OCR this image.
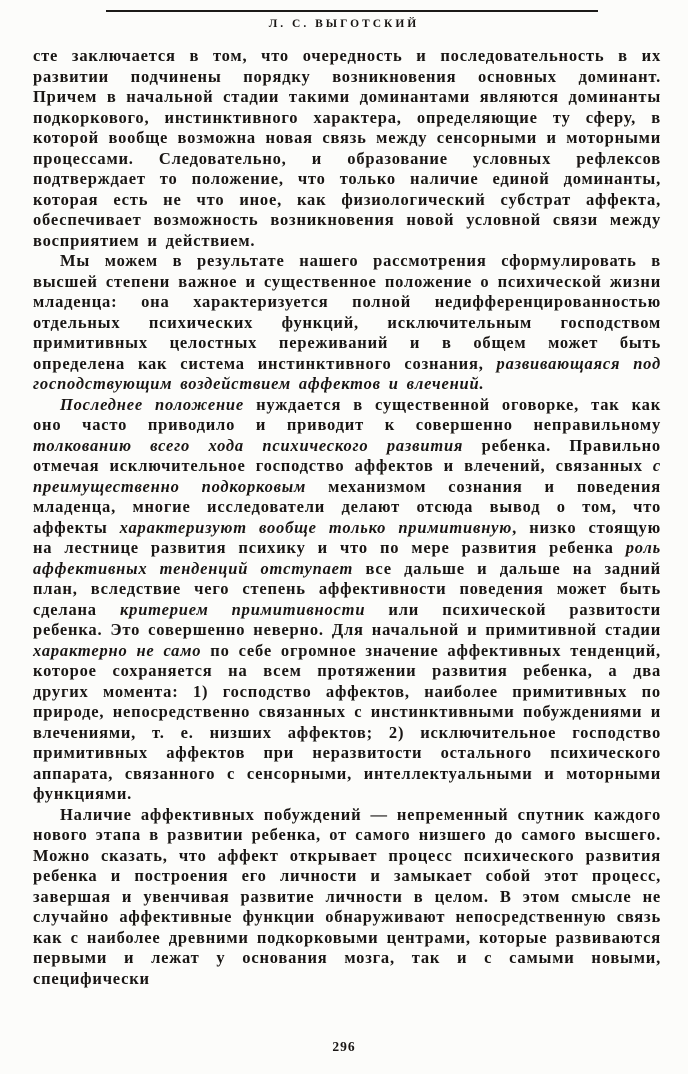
Л. С. ВЫГОТСКИЙ

сте заключается в том, что очередность и последовательность в их развитии подчинены порядку возникновения основных доминант. Причем в начальной стадии такими доминантами являются доминанты подкоркового, инстинктивного характера, определяющие ту сферу, в которой вообще возможна новая связь между сенсорными и моторными процессами. Следовательно, и образование условных рефлексов подтверждает то положение, что только наличие единой доминанты, которая есть не что иное, как физиологический субстрат аффекта, обеспечивает возможность возникновения новой условной связи между восприятием и действием.

Мы можем в результате нашего рассмотрения сформулировать в высшей степени важное и существенное положение о психической жизни младенца: она характеризуется полной недифференцированностью отдельных психических функций, исключительным господством примитивных целостных переживаний и в общем может быть определена как система инстинктивного сознания, развивающаяся под господствующим воздействием аффектов и влечений.

Последнее положение нуждается в существенной оговорке, так как оно часто приводило и приводит к совершенно неправильному толкованию всего хода психического развития ребенка. Правильно отмечая исключительное господство аффектов и влечений, связанных с преимущественно подкорковым механизмом сознания и поведения младенца, многие исследователи делают отсюда вывод о том, что аффекты характеризуют вообще только примитивную, низко стоящую на лестнице развития психику и что по мере развития ребенка роль аффективных тенденций отступает все дальше и дальше на задний план, вследствие чего степень аффективности поведения может быть сделана критерием примитивности или психической развитости ребенка. Это совершенно неверно. Для начальной и примитивной стадии характерно не само по себе огромное значение аффективных тенденций, которое сохраняется на всем протяжении развития ребенка, а два других момента: 1) господство аффектов, наиболее примитивных по природе, непосредственно связанных с инстинктивными побуждениями и влечениями, т. е. низших аффектов; 2) исключительное господство примитивных аффектов при неразвитости остального психического аппарата, связанного с сенсорными, интеллектуальными и моторными функциями.

Наличие аффективных побуждений — непременный спутник каждого нового этапа в развитии ребенка, от самого низшего до самого высшего. Можно сказать, что аффект открывает процесс психического развития ребенка и построения его личности и замыкает собой этот процесс, завершая и увенчивая развитие личности в целом. В этом смысле не случайно аффективные функции обнаруживают непосредственную связь как с наиболее древними подкорковыми центрами, которые развиваются первыми и лежат у основания мозга, так и с самыми новыми, специфически

296
